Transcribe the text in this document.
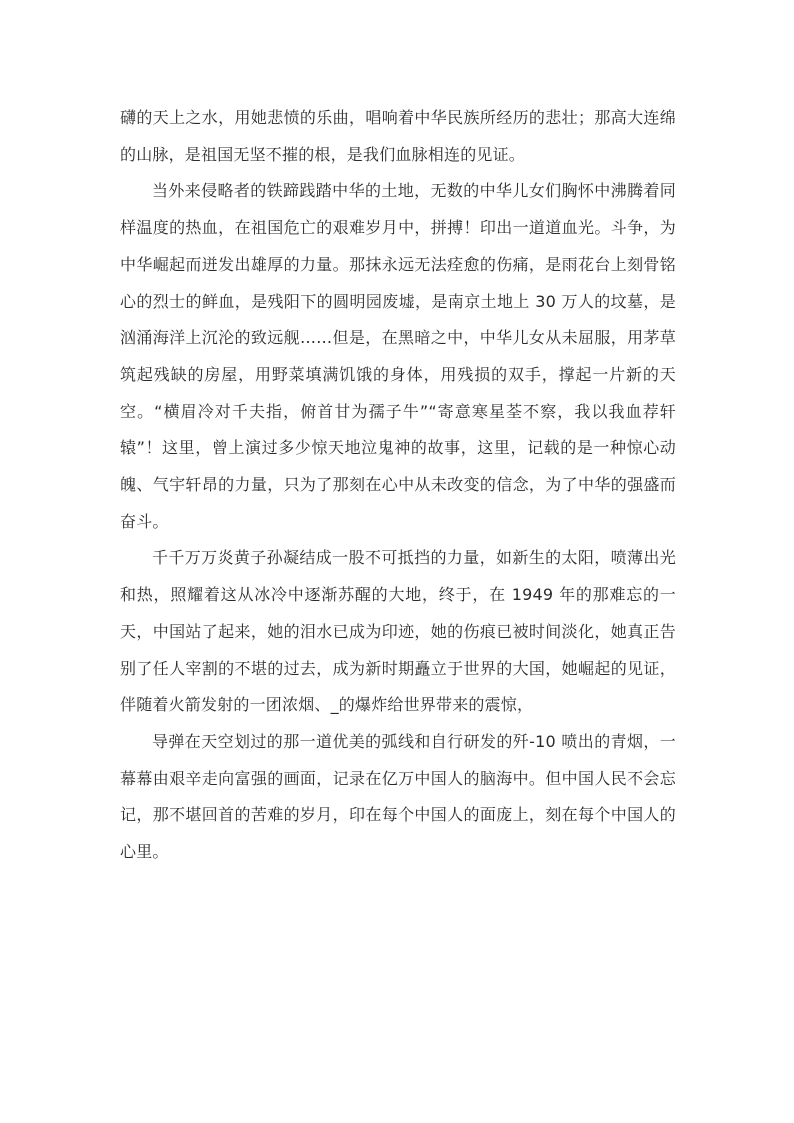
礴的天上之水，用她悲愤的乐曲，唱响着中华民族所经历的悲壮；那高大连绵的山脉，是祖国无坚不摧的根，是我们血脉相连的见证。

当外来侵略者的铁蹄践踏中华的土地，无数的中华儿女们胸怀中沸腾着同样温度的热血，在祖国危亡的艰难岁月中，拼搏！印出一道道血光。斗争，为中华崛起而迸发出雄厚的力量。那抹永远无法痊愈的伤痛，是雨花台上刻骨铭心的烈士的鲜血，是残阳下的圆明园废墟，是南京土地上 30 万人的坟墓，是汹涌海洋上沉沦的致远舰……但是，在黑暗之中，中华儿女从未屈服，用茅草筑起残缺的房屋，用野菜填满饥饿的身体，用残损的双手，撑起一片新的天空。“横眉冷对千夫指，俯首甘为孺子牛”“寄意寒星荃不察，我以我血荐轩辕”！这里，曾上演过多少惊天地泣鬼神的故事，这里，记载的是一种惊心动魄、气宇轩昂的力量，只为了那刻在心中从未改变的信念，为了中华的强盛而奋斗。

千千万万炎黄子孙凝结成一股不可抵挡的力量，如新生的太阳，喷薄出光和热，照耀着这从冰冷中逐渐苏醒的大地，终于，在 1949 年的那难忘的一天，中国站了起来，她的泪水已成为印迹，她的伤痕已被时间淡化，她真正告别了任人宰割的不堪的过去，成为新时期矗立于世界的大国，她崛起的见证，伴随着火箭发射的一团浓烟、_的爆炸给世界带来的震惊，

导弹在天空划过的那一道优美的弧线和自行研发的歼-10 喷出的青烟，一幕幕由艰辛走向富强的画面，记录在亿万中国人的脑海中。但中国人民不会忘记，那不堪回首的苦难的岁月，印在每个中国人的面庞上，刻在每个中国人的心里。
